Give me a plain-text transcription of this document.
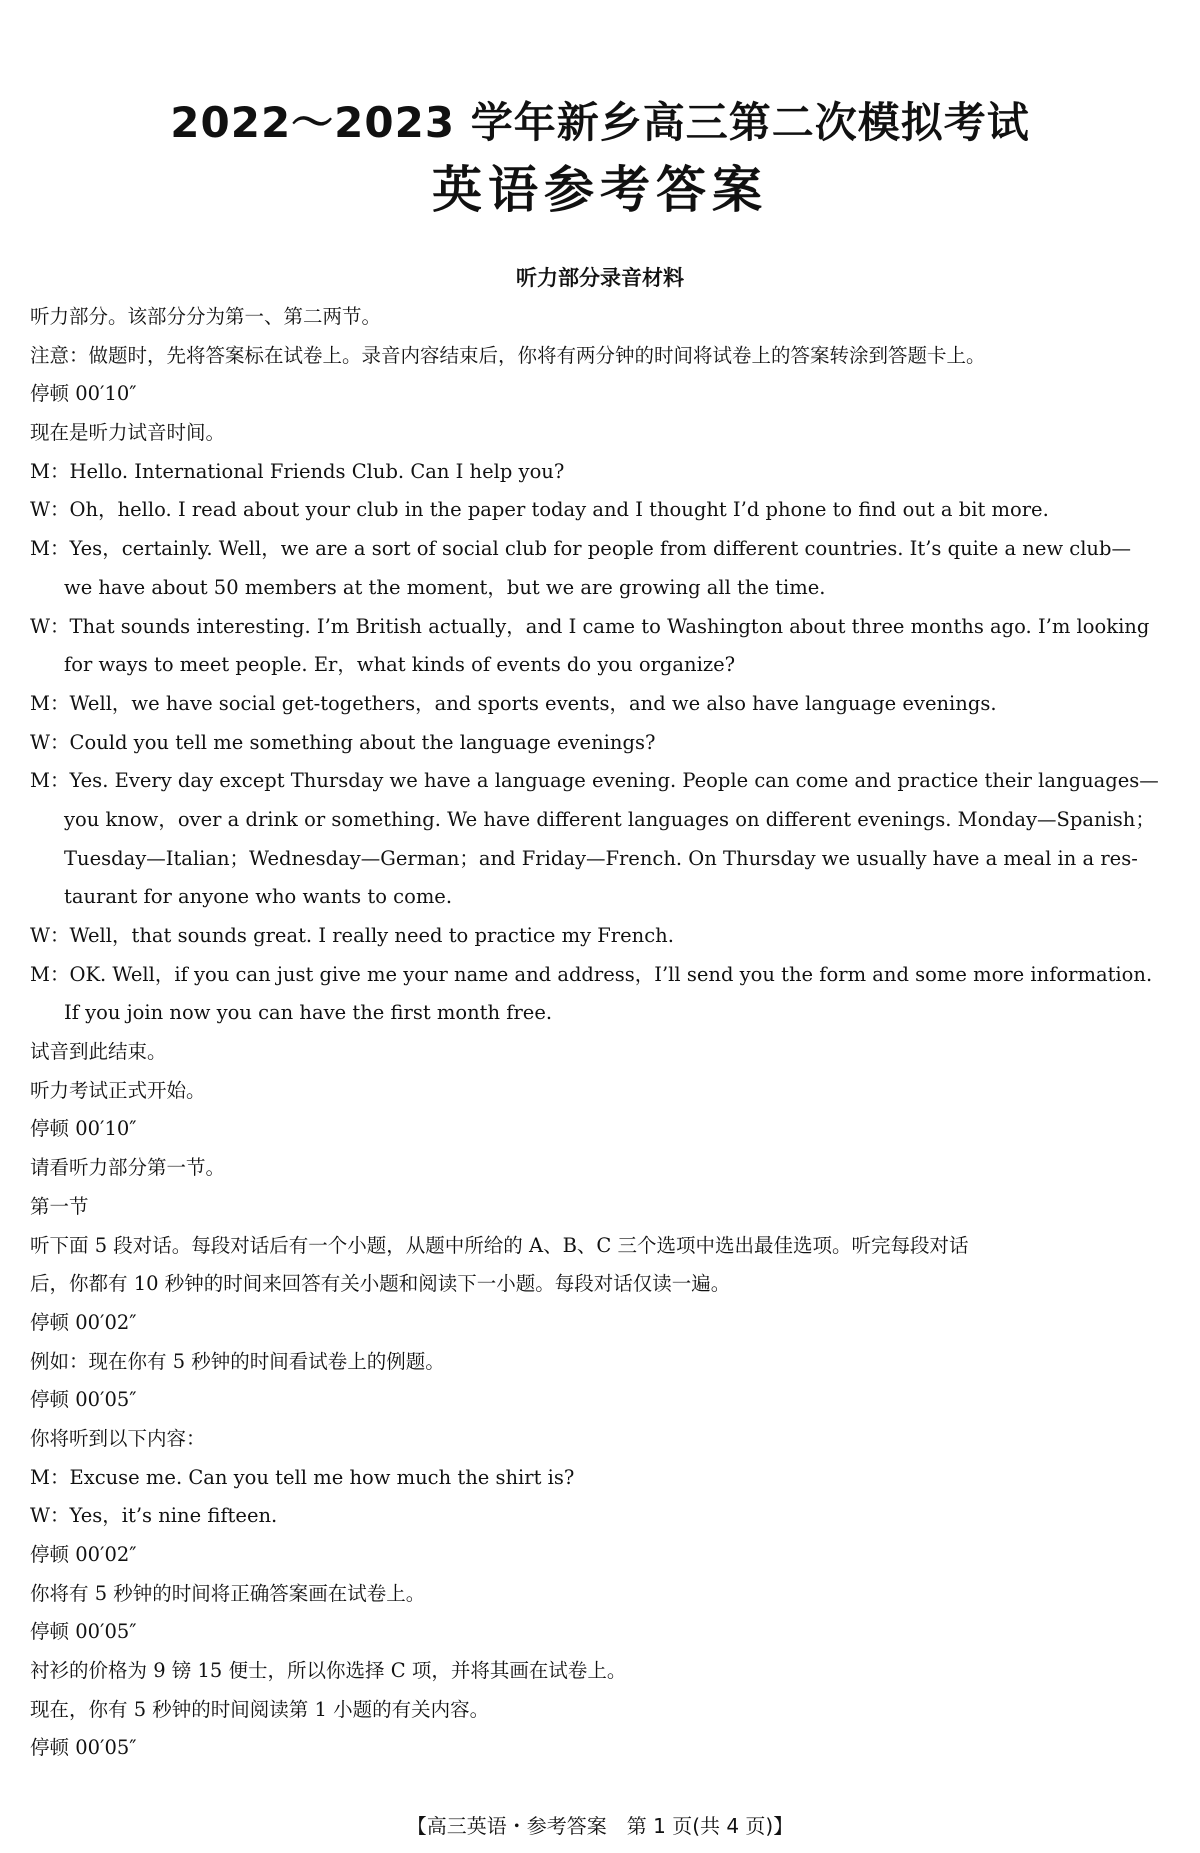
2022～2023 学年新乡高三第二次模拟考试
英语参考答案
听力部分录音材料
听力部分。该部分分为第一、第二两节。
注意：做题时，先将答案标在试卷上。录音内容结束后，你将有两分钟的时间将试卷上的答案转涂到答题卡上。
停顿 00′10″
现在是听力试音时间。
M：Hello. International Friends Club. Can I help you?
W：Oh，hello. I read about your club in the paper today and I thought I’d phone to find out a bit more.
M：Yes，certainly. Well，we are a sort of social club for people from different countries. It’s quite a new club—
we have about 50 members at the moment，but we are growing all the time.
W：That sounds interesting. I’m British actually，and I came to Washington about three months ago. I’m looking
for ways to meet people. Er，what kinds of events do you organize?
M：Well，we have social get-togethers，and sports events，and we also have language evenings.
W：Could you tell me something about the language evenings?
M：Yes. Every day except Thursday we have a language evening. People can come and practice their languages—
you know，over a drink or something. We have different languages on different evenings. Monday—Spanish；
Tuesday—Italian；Wednesday—German；and Friday—French. On Thursday we usually have a meal in a res-
taurant for anyone who wants to come.
W：Well，that sounds great. I really need to practice my French.
M：OK. Well，if you can just give me your name and address，I’ll send you the form and some more information.
If you join now you can have the first month free.
试音到此结束。
听力考试正式开始。
停顿 00′10″
请看听力部分第一节。
第一节
听下面 5 段对话。每段对话后有一个小题，从题中所给的 A、B、C 三个选项中选出最佳选项。听完每段对话
后，你都有 10 秒钟的时间来回答有关小题和阅读下一小题。每段对话仅读一遍。
停顿 00′02″
例如：现在你有 5 秒钟的时间看试卷上的例题。
停顿 00′05″
你将听到以下内容：
M：Excuse me. Can you tell me how much the shirt is?
W：Yes，it’s nine fifteen.
停顿 00′02″
你将有 5 秒钟的时间将正确答案画在试卷上。
停顿 00′05″
衬衫的价格为 9 镑 15 便士，所以你选择 C 项，并将其画在试卷上。
现在，你有 5 秒钟的时间阅读第 1 小题的有关内容。
停顿 00′05″
【高三英语・参考答案　第 1 页(共 4 页)】
